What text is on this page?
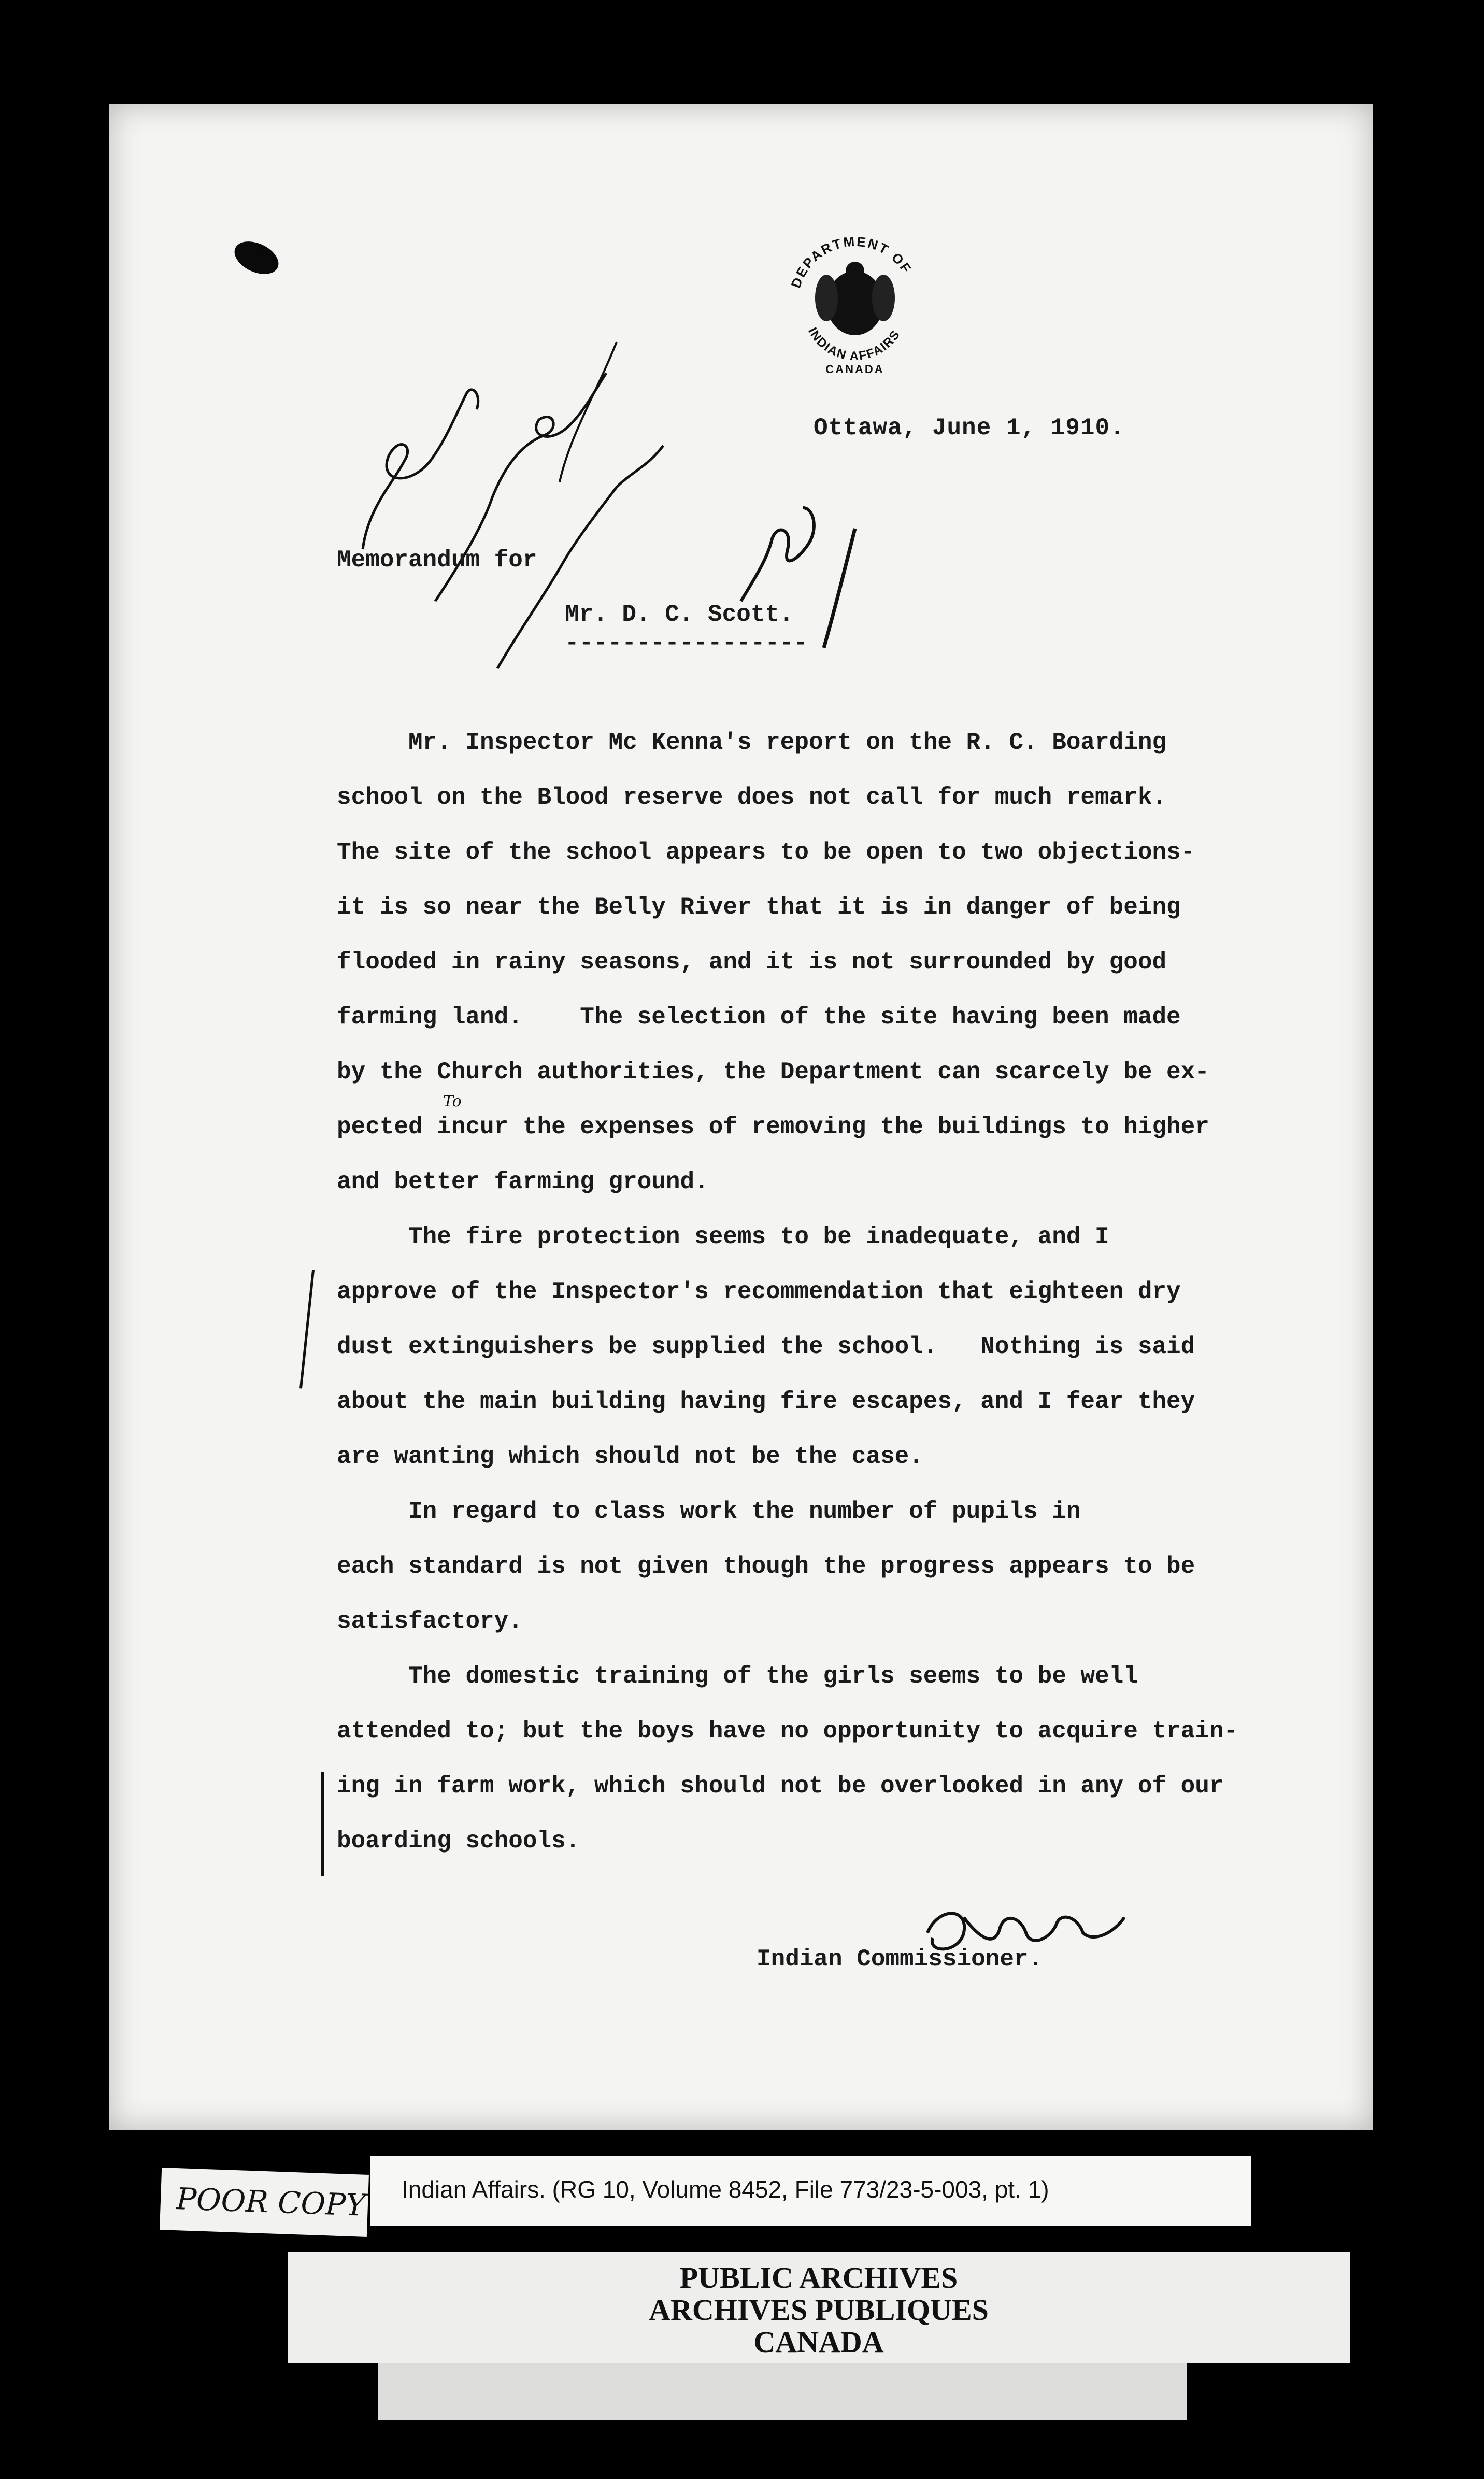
DEPARTMENT OF
INDIAN AFFAIRS
CANADA
Ottawa, June 1, 1910.
Memorandum for
Mr. D. C. Scott.
-----------------
Mr. Inspector Mc Kenna's report on the R. C. Boarding
school on the Blood reserve does not call for much remark.
The site of the school appears to be open to two objections-
it is so near the Belly River that it is in danger of being
flooded in rainy seasons, and it is not surrounded by good
farming land.    The selection of the site having been made
by the Church authorities, the Department can scarcely be ex-
pected incur the expenses of removing the buildings to higher
and better farming ground.
The fire protection seems to be inadequate, and I
approve of the Inspector's recommendation that eighteen dry
dust extinguishers be supplied the school.   Nothing is said
about the main building having fire escapes, and I fear they
are wanting which should not be the case.
In regard to class work the number of pupils in
each standard is not given though the progress appears to be
satisfactory.
The domestic training of the girls seems to be well
attended to; but the boys have no opportunity to acquire train-
ing in farm work, which should not be overlooked in any of our
boarding schools.
To
Indian Commissioner.
POOR COPY Indian Affairs. (RG 10, Volume 8452, File 773/23-5-003, pt. 1)
PUBLIC ARCHIVES
ARCHIVES PUBLIQUES
CANADA
